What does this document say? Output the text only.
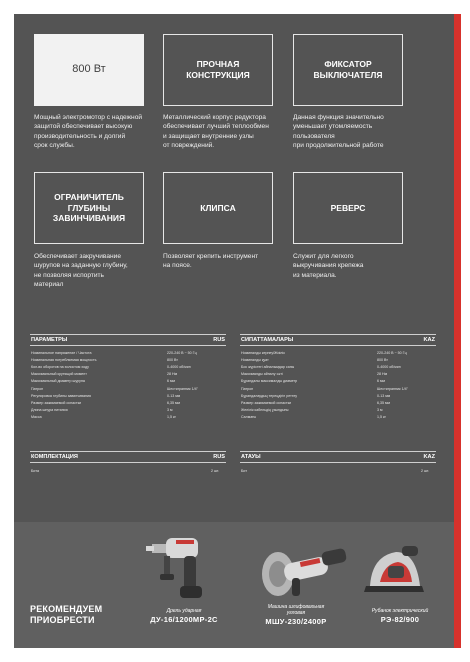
800 Вт	ПРОЧНАЯ
КОНСТРУКЦИЯ
ФИКСАТОР
ВЫКЛЮЧАТЕЛЯ
Мощный электромотор с надежной
защитой обеспечивает высокую
производительность и долгий
срок службы.
Металлический корпус редуктора
обеспечивает лучший теплообмен
и защищает внутренние узлы
от повреждений.
Данная функция значительно
уменьшает утомляемость
пользователя
при продолжительной работе
ОГРАНИЧИТЕЛЬ
ГЛУБИНЫ
ЗАВИНЧИВАНИЯ
КЛИПСА	РЕВЕРС
Обеспечивает закручивание
шурупов на заданную глубину,
не позволяя испортить
материал
Позволяет крепить инструмент
на поясе.
Служит для легкого
выкручивания крепежа
из материала.
ПАРАМЕТРЫ	RUS
Номинальное напряжение / Частота	220-240 В ~ 50 Гц
Номинальная потребляемая мощность	800 Вт
Кол-во оборотов на холостом ходу	0-4000 об/мин
Максимальный крутящий момент	28 Нм
Максимальный диаметр шурупа	6 мм
Патрон	Шестигранник 1/4"
Регулировка глубины завинчивания	0-13 мм
Размер зажимаемой оснастки	6,35 мм
Длина шнура питания	3 м
Масса	1,5 кг
СИПАТТАМАЛАРЫ	KAZ
Номиналды кернеу/Жиілік	220-240 В ~ 50 Гц
Номиналды қуат	800 Вт
Бос жүрістегі айналымдар саны	0-4000 об/мин
Максималды айналу сәті	28 Нм
Бұрандалы максималды диаметр	6 мм
Патрон	Шестигранник 1/4"
Бұрандалаудың тереңдігін реттеу	0-13 мм
Размер зажимаемой оснастки	6,35 мм
Желілік кабельдің ұзындығы	3 м
Салмағы	1,5 кг
КОМПЛЕКТАЦИЯ	RUS
Бита	2 шт.
АТАУЫ	KAZ
Бит	2 шт.
РЕКОМЕНДУЕМ
ПРИОБРЕСТИ
Дрель ударная
ДУ-16/1200МР-2С
Машина шлифовальная
угловая
МШУ-230/2400Р
Рубанок электрический
РЭ-82/900
